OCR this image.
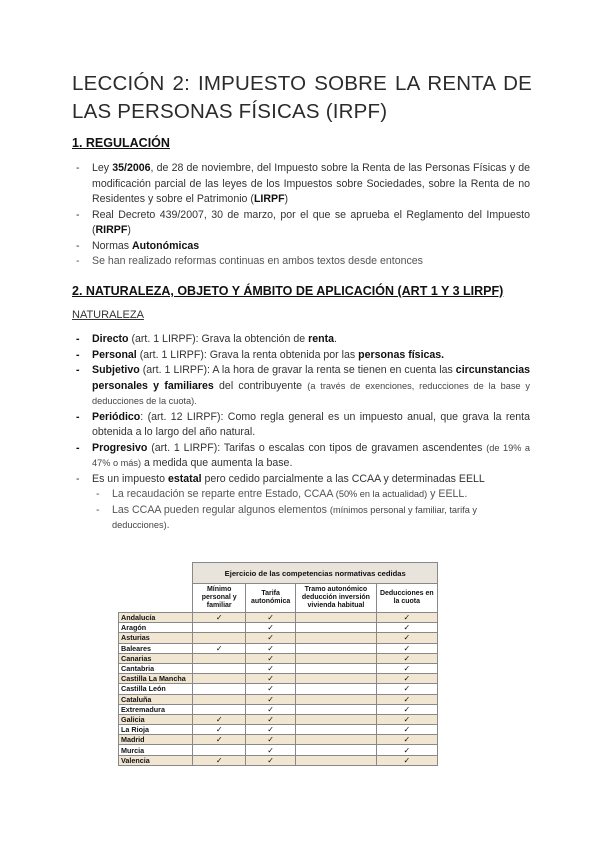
LECCIÓN 2: IMPUESTO SOBRE LA RENTA DE LAS PERSONAS FÍSICAS (IRPF)
1. REGULACIÓN
- Ley 35/2006, de 28 de noviembre, del Impuesto sobre la Renta de las Personas Físicas y de modificación parcial de las leyes de los Impuestos sobre Sociedades, sobre la Renta de no Residentes y sobre el Patrimonio (LIRPF)
- Real Decreto 439/2007, 30 de marzo, por el que se aprueba el Reglamento del Impuesto (RIRPF)
- Normas Autonómicas
- Se han realizado reformas continuas en ambos textos desde entonces
2. NATURALEZA, OBJETO Y ÁMBITO DE APLICACIÓN (ART 1 Y 3 LIRPF)
NATURALEZA
- Directo (art. 1 LIRPF): Grava la obtención de renta.
- Personal (art. 1 LIRPF): Grava la renta obtenida por las personas físicas.
- Subjetivo (art. 1 LIRPF): A la hora de gravar la renta se tienen en cuenta las circunstancias personales y familiares del contribuyente (a través de exenciones, reducciones de la base y deducciones de la cuota).
- Periódico: (art. 12 LIRPF): Como regla general es un impuesto anual, que grava la renta obtenida a lo largo del año natural.
- Progresivo (art. 1 LIRPF): Tarifas o escalas con tipos de gravamen ascendentes (de 19% a 47% o más) a medida que aumenta la base.
- Es un impuesto estatal pero cedido parcialmente a las CCAA y determinadas EELL
- La recaudación se reparte entre Estado, CCAA (50% en la actualidad) y EELL.
- Las CCAA pueden regular algunos elementos (mínimos personal y familiar, tarifa y deducciones).
	Ejercicio de las competencias normativas cedidas			
	Mínimo personal y familiar	Tarifa autonómica	Tramo autonómico deducción inversión vivienda habitual	Deducciones en la cuota
Andalucía	✓	✓		✓
Aragón		✓		✓
Asturias		✓		✓
Baleares	✓	✓		✓
Canarias		✓		✓
Cantabria		✓		✓
Castilla La Mancha		✓		✓
Castilla León		✓		✓
Cataluña		✓		✓
Extremadura		✓		✓
Galicia	✓	✓		✓
La Rioja	✓	✓		✓
Madrid	✓	✓		✓
Murcia		✓		✓
Valencia	✓	✓		✓
